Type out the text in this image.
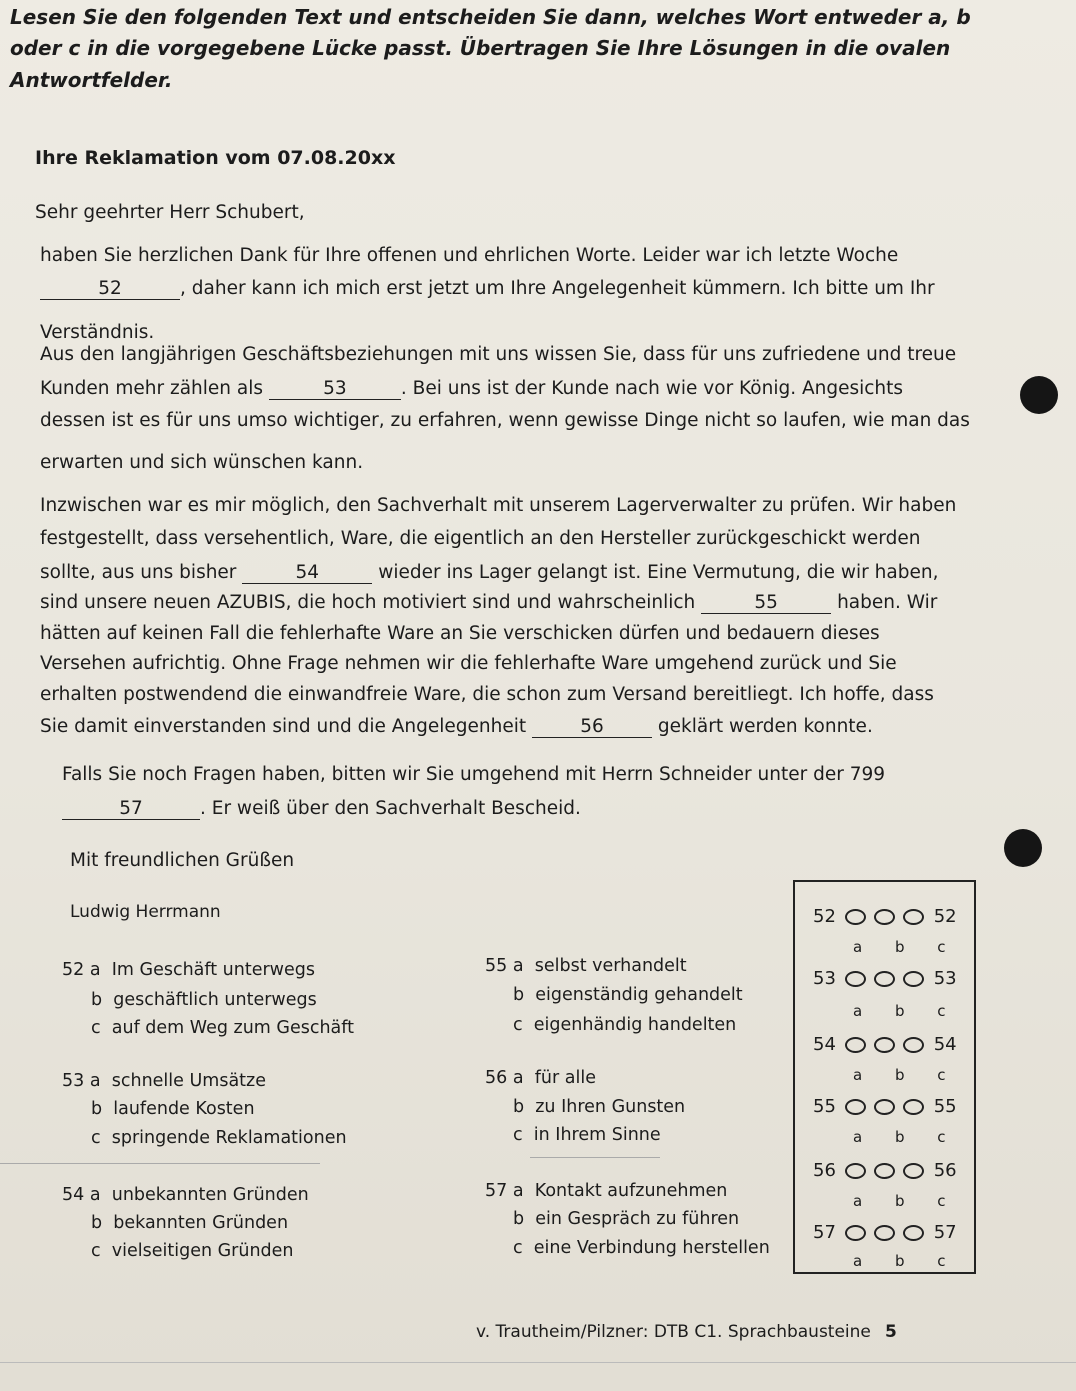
Lesen Sie den folgenden Text und entscheiden Sie dann, welches Wort entweder a, b
oder c in die vorgegebene Lücke passt. Übertragen Sie Ihre Lösungen in die ovalen
Antwortfelder.
Ihre Reklamation vom 07.08.20xx
Sehr geehrter Herr Schubert,
haben Sie herzlichen Dank für Ihre offenen und ehrlichen Worte. Leider war ich letzte Woche
52	, daher kann ich mich erst jetzt um Ihre Angelegenheit kümmern. Ich bitte um Ihr
Verständnis.
Aus den langjährigen Geschäftsbeziehungen mit uns wissen Sie, dass für uns zufriedene und treue
Kunden mehr zählen als	53	. Bei uns ist der Kunde nach wie vor König. Angesichts
dessen ist es für uns umso wichtiger, zu erfahren, wenn gewisse Dinge nicht so laufen, wie man das
erwarten und sich wünschen kann.
Inzwischen war es mir möglich, den Sachverhalt mit unserem Lagerverwalter zu prüfen. Wir haben
festgestellt, dass versehentlich, Ware, die eigentlich an den Hersteller zurückgeschickt werden
sollte, aus uns bisher	54	wieder ins Lager gelangt ist. Eine Vermutung, die wir haben,
sind unsere neuen AZUBIS, die hoch motiviert sind und wahrscheinlich	55	haben. Wir
hätten auf keinen Fall die fehlerhafte Ware an Sie verschicken dürfen und bedauern dieses
Versehen aufrichtig. Ohne Frage nehmen wir die fehlerhafte Ware umgehend zurück und Sie
erhalten postwendend die einwandfreie Ware, die schon zum Versand bereitliegt. Ich hoffe, dass
Sie damit einverstanden sind und die Angelegenheit	56	geklärt werden konnte.
Falls Sie noch Fragen haben, bitten wir Sie umgehend mit Herrn Schneider unter der 799
57	. Er weiß über den Sachverhalt Bescheid.
Mit freundlichen Grüßen
Ludwig Herrmann
52 a Im Geschäft unterwegs
b geschäftlich unterwegs
c auf dem Weg zum Geschäft
53 a schnelle Umsätze
b laufende Kosten
c springende Reklamationen
54 a unbekannten Gründen
b bekannten Gründen
c vielseitigen Gründen
55 a selbst verhandelt
b eigenständig gehandelt
c eigenhändig handelten
56 a für alle
b zu Ihren Gunsten
c in Ihrem Sinne
57 a Kontakt aufzunehmen
b ein Gespräch zu führen
c eine Verbindung herstellen
52	52
a b c
53	53
a b c
54	54
a b c
55	55
a b c
56	56
a b c
57	57
a b c
v. Trautheim/Pilzner: DTB C1. Sprachbausteine 5
